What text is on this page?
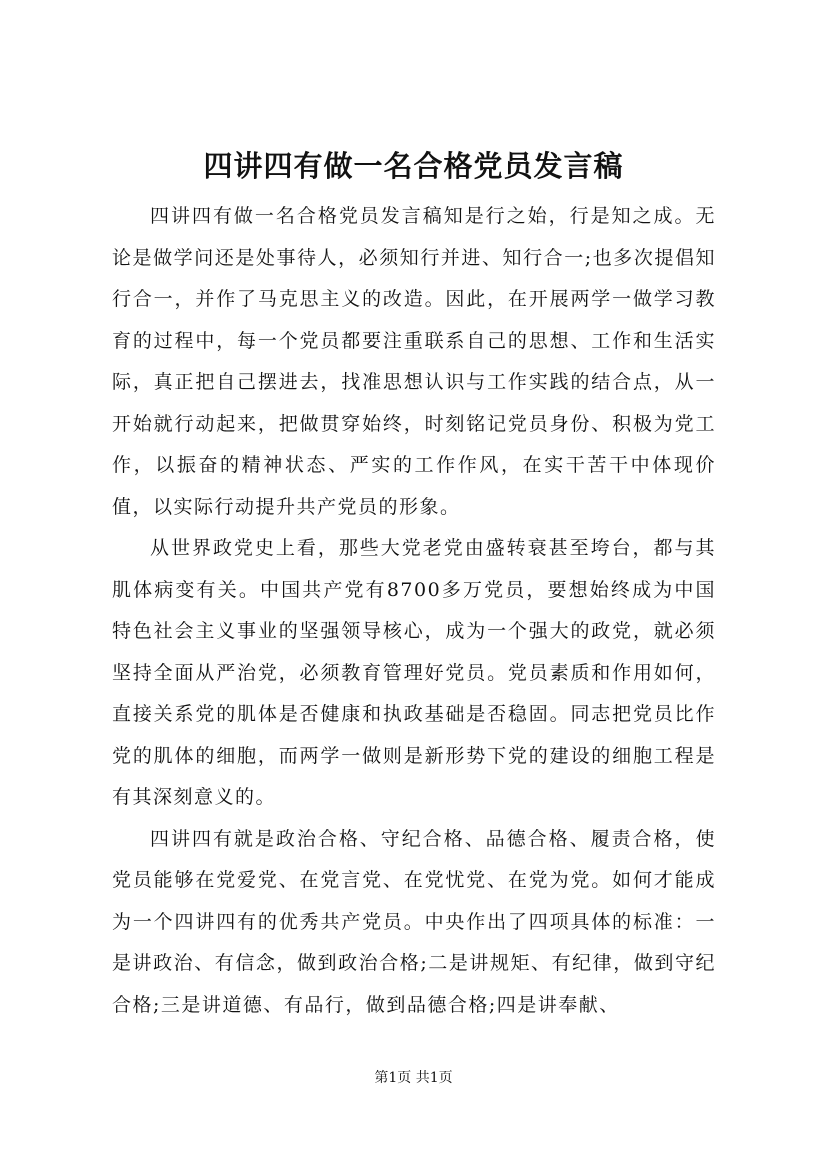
四讲四有做一名合格党员发言稿

四讲四有做一名合格党员发言稿知是行之始，行是知之成。无论是做学问还是处事待人，必须知行并进、知行合一;也多次提倡知行合一，并作了马克思主义的改造。因此，在开展两学一做学习教育的过程中，每一个党员都要注重联系自己的思想、工作和生活实际，真正把自己摆进去，找准思想认识与工作实践的结合点，从一开始就行动起来，把做贯穿始终，时刻铭记党员身份、积极为党工作，以振奋的精神状态、严实的工作作风，在实干苦干中体现价值，以实际行动提升共产党员的形象。

从世界政党史上看，那些大党老党由盛转衰甚至垮台，都与其肌体病变有关。中国共产党有8700多万党员，要想始终成为中国特色社会主义事业的坚强领导核心，成为一个强大的政党，就必须坚持全面从严治党，必须教育管理好党员。党员素质和作用如何，直接关系党的肌体是否健康和执政基础是否稳固。同志把党员比作党的肌体的细胞，而两学一做则是新形势下党的建设的细胞工程是有其深刻意义的。

四讲四有就是政治合格、守纪合格、品德合格、履责合格，使党员能够在党爱党、在党言党、在党忧党、在党为党。如何才能成为一个四讲四有的优秀共产党员。中央作出了四项具体的标准：一是讲政治、有信念，做到政治合格;二是讲规矩、有纪律，做到守纪合格;三是讲道德、有品行，做到品德合格;四是讲奉献、

第1页 共1页
